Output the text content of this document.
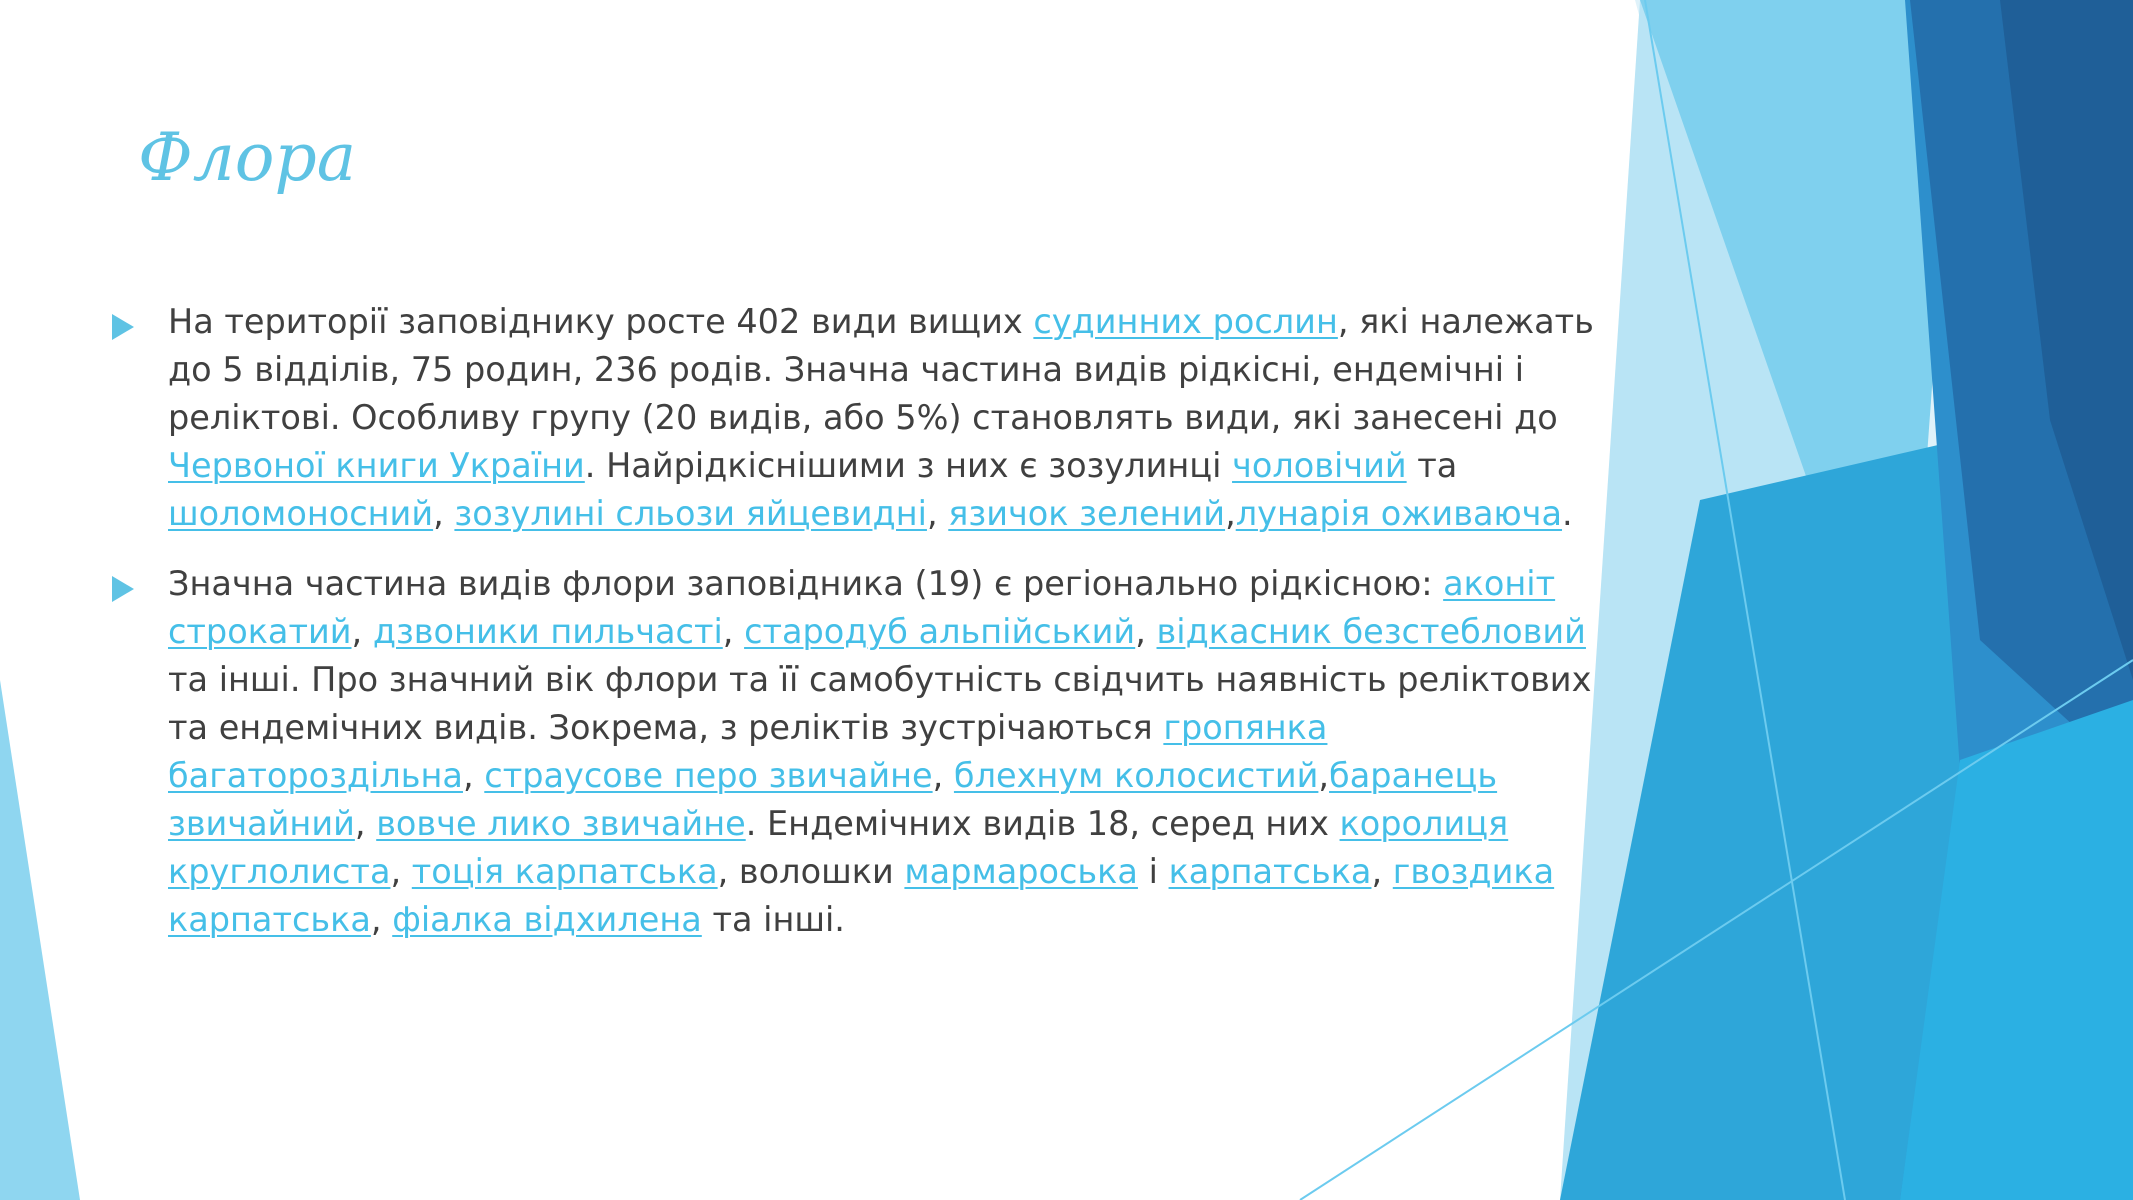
Флора

На території заповіднику росте 402 види вищих судинних рослин, які належать до 5 відділів, 75 родин, 236 родів. Значна частина видів рідкісні, ендемічні і реліктові. Особливу групу (20 видів, або 5%) становлять види, які занесені до Червоної книги України. Найрідкіснішими з них є зозулинці чоловічий та шоломоносний, зозулині сльози яйцевидні, язичок зелений,лунарія оживаюча.

Значна частина видів флори заповідника (19) є регіонально рідкісною: аконіт строкатий, дзвоники пильчасті, стародуб альпійський, відкасник безстебловий та інші. Про значний вік флори та її самобутність свідчить наявність реліктових та ендемічних видів. Зокрема, з реліктів зустрічаються гропянка багатороздільна, страусове перо звичайне, блехнум колосистий,баранець звичайний, вовче лико звичайне. Ендемічних видів 18, серед них королиця круглолиста, тоція карпатська, волошки мармароська і карпатська, гвоздика карпатська, фіалка відхилена та інші.
